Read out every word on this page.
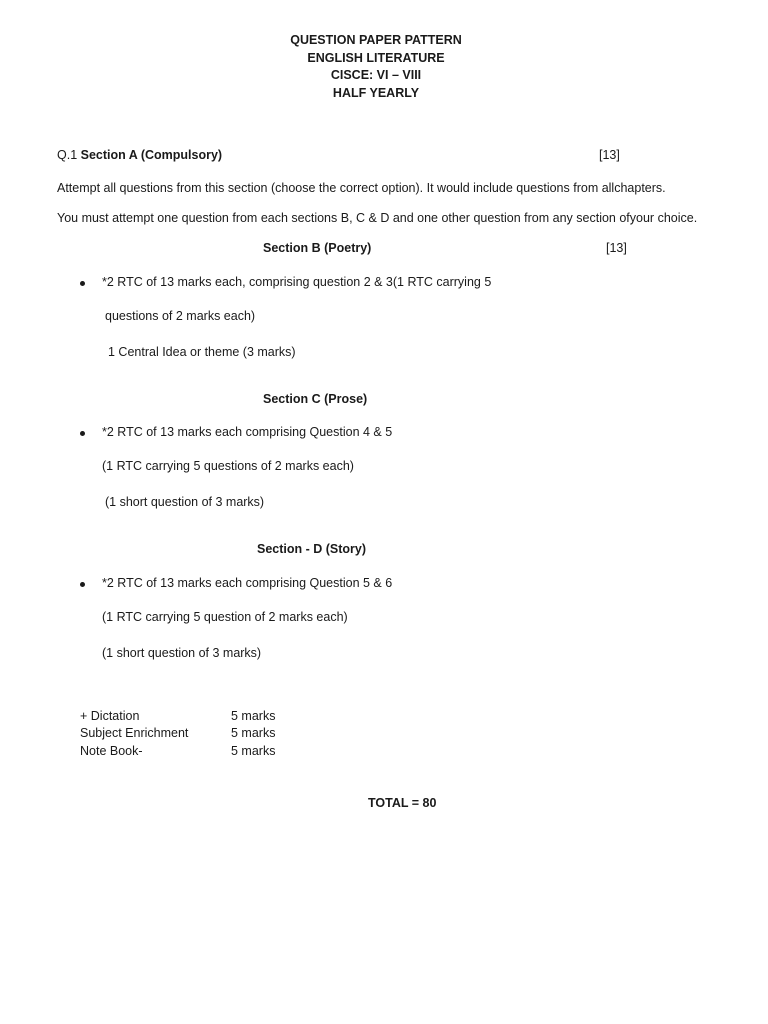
QUESTION PAPER PATTERN
ENGLISH LITERATURE
CISCE: VI – VIII
HALF YEARLY
Q.1 Section A (Compulsory)	[13]
Attempt all questions from this section (choose the correct option). It would include questions from allchapters.
You must attempt one question from each sections B, C & D and one other question from any section ofyour choice.
Section B (Poetry)	[13]
*2 RTC of 13 marks each, comprising question 2 & 3(1 RTC carrying 5
questions of 2 marks each)
1 Central Idea or theme (3 marks)
Section C (Prose)
*2 RTC of 13 marks each comprising Question 4 & 5
(1 RTC carrying 5 questions of 2 marks each)
(1 short question of 3 marks)
Section - D (Story)
*2 RTC of 13 marks each comprising Question 5 & 6
(1 RTC carrying 5 question of 2 marks each)
(1 short question of 3 marks)
+ Dictation	5 marks
Subject Enrichment	5 marks
Note Book-	5 marks
TOTAL = 80
